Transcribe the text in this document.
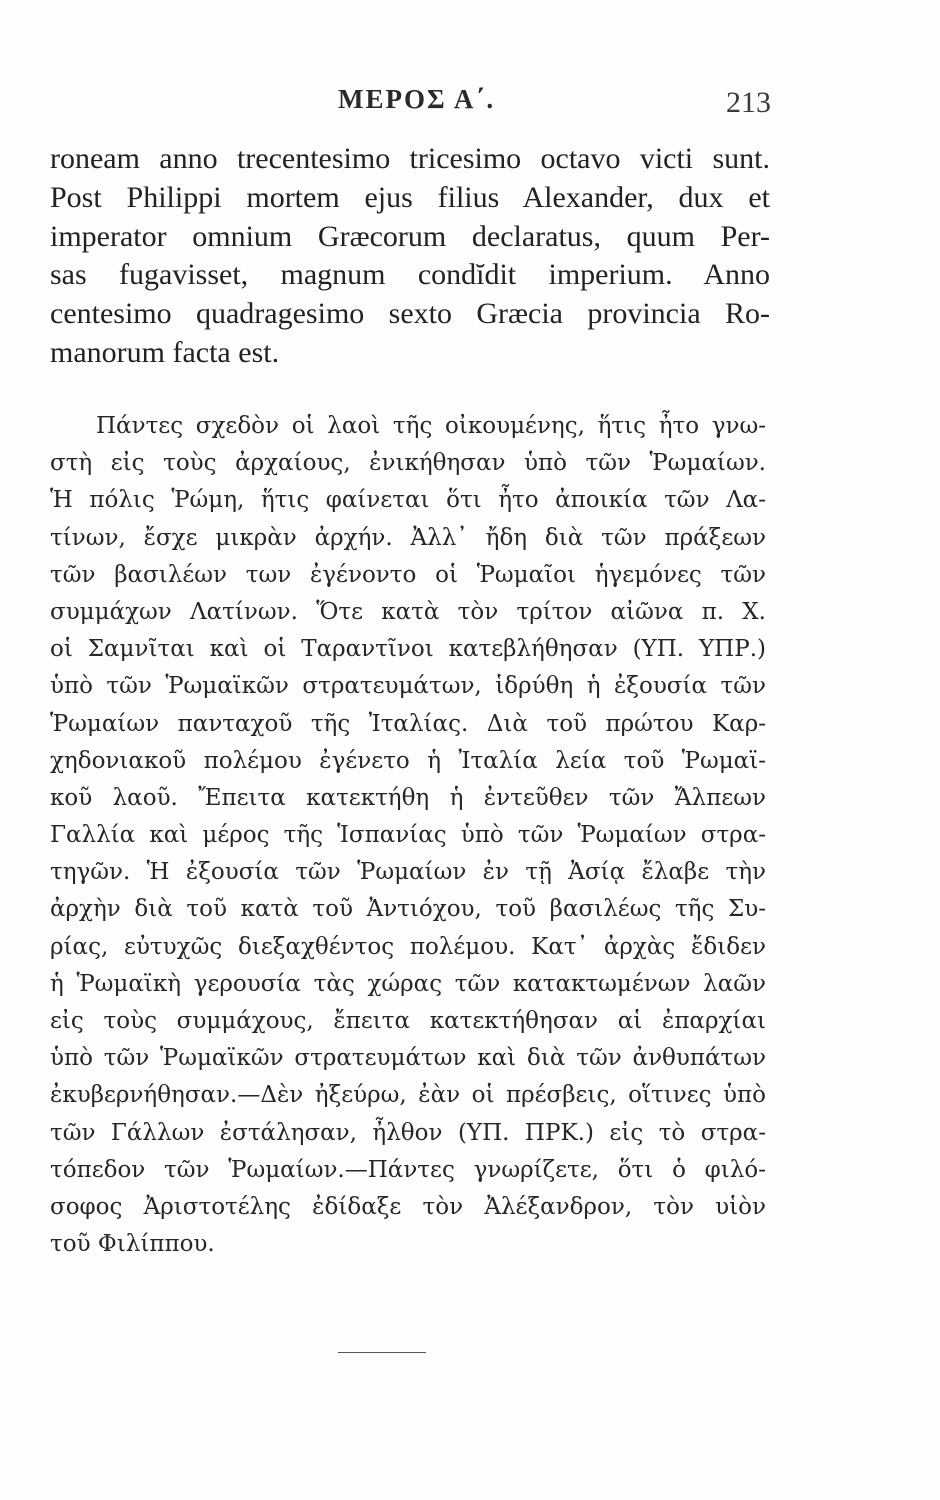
ΜΕΡΟΣ Α΄.	213
roneam anno trecentesimo tricesimo octavo victi sunt.
Post Philippi mortem ejus filius Alexander, dux et
imperator omnium Græcorum declaratus, quum Per-
sas fugavisset, magnum condĭdit imperium. Anno
centesimo quadragesimo sexto Græcia provincia Ro-
manorum facta est.
Πάντες σχεδὸν οἱ λαοὶ τῆς οἰκουμένης, ἥτις ἦτο γνω-
στὴ εἰς τοὺς ἀρχαίους, ἐνικήθησαν ὑπὸ τῶν Ῥωμαίων.
Ἡ πόλις Ῥώμη, ἥτις φαίνεται ὅτι ἦτο ἀποικία τῶν Λα-
τίνων, ἔσχε μικρὰν ἀρχήν. Ἀλλ᾽ ἤδη διὰ τῶν πράξεων
τῶν βασιλέων των ἐγένοντο οἱ Ῥωμαῖοι ἡγεμόνες τῶν
συμμάχων Λατίνων. Ὅτε κατὰ τὸν τρίτον αἰῶνα π. Χ.
οἱ Σαμνῖται καὶ οἱ Ταραντῖνοι κατεβλήθησαν (ΥΠ. ΥΠΡ.)
ὑπὸ τῶν Ῥωμαϊκῶν στρατευμάτων, ἱδρύθη ἡ ἐξουσία τῶν
Ῥωμαίων πανταχοῦ τῆς Ἰταλίας. Διὰ τοῦ πρώτου Καρ-
χηδονιακοῦ πολέμου ἐγένετο ἡ Ἰταλία λεία τοῦ Ῥωμαϊ-
κοῦ λαοῦ. Ἔπειτα κατεκτήθη ἡ ἐντεῦθεν τῶν Ἄλπεων
Γαλλία καὶ μέρος τῆς Ἱσπανίας ὑπὸ τῶν Ῥωμαίων στρα-
τηγῶν. Ἡ ἐξουσία τῶν Ῥωμαίων ἐν τῇ Ἀσίᾳ ἔλαβε τὴν
ἀρχὴν διὰ τοῦ κατὰ τοῦ Ἀντιόχου, τοῦ βασιλέως τῆς Συ-
ρίας, εὐτυχῶς διεξαχθέντος πολέμου. Κατ᾽ ἀρχὰς ἔδιδεν
ἡ Ῥωμαϊκὴ γερουσία τὰς χώρας τῶν κατακτωμένων λαῶν
εἰς τοὺς συμμάχους, ἔπειτα κατεκτήθησαν αἱ ἐπαρχίαι
ὑπὸ τῶν Ῥωμαϊκῶν στρατευμάτων καὶ διὰ τῶν ἀνθυπάτων
ἐκυβερνήθησαν.—Δὲν ἠξεύρω, ἐὰν οἱ πρέσβεις, οἵτινες ὑπὸ
τῶν Γάλλων ἐστάλησαν, ἦλθον (ΥΠ. ΠΡΚ.) εἰς τὸ στρα-
τόπεδον τῶν Ῥωμαίων.—Πάντες γνωρίζετε, ὅτι ὁ φιλό-
σοφος Ἀριστοτέλης ἐδίδαξε τὸν Ἀλέξανδρον, τὸν υἱὸν
τοῦ Φιλίππου.
